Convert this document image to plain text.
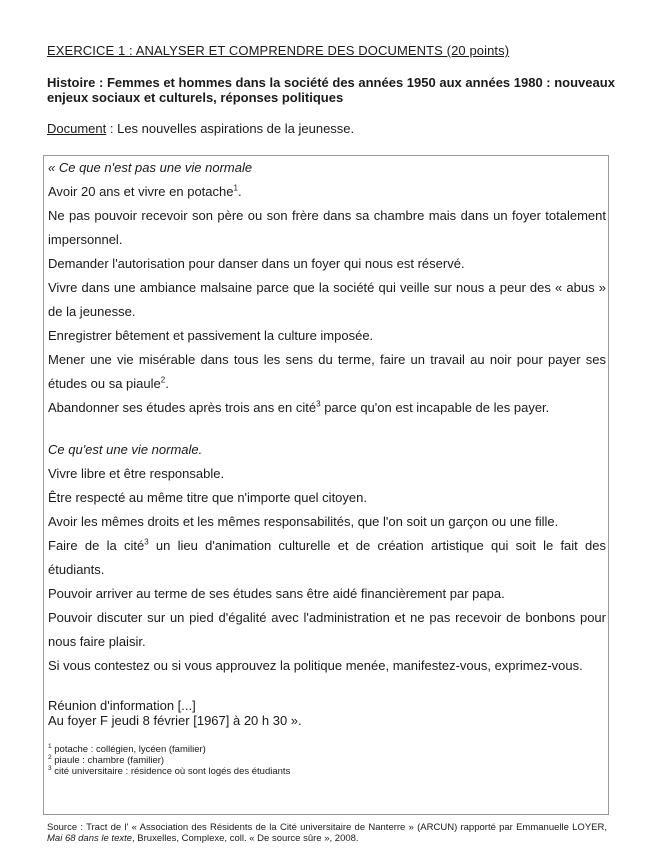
EXERCICE 1 : ANALYSER ET COMPRENDRE DES DOCUMENTS (20 points)
Histoire : Femmes et hommes dans la société des années 1950 aux années 1980 : nouveaux enjeux sociaux et culturels, réponses politiques
Document : Les nouvelles aspirations de la jeunesse.

« Ce que n'est pas une vie normale

Avoir 20 ans et vivre en potache$^1$.

Ne pas pouvoir recevoir son père ou son frère dans sa chambre mais dans un foyer totalement impersonnel.

Demander l'autorisation pour danser dans un foyer qui nous est réservé.

Vivre dans une ambiance malsaine parce que la société qui veille sur nous a peur des « abus » de la jeunesse.

Enregistrer bêtement et passivement la culture imposée.

Mener une vie misérable dans tous les sens du terme, faire un travail au noir pour payer ses études ou sa piaule$^2$.

Abandonner ses études après trois ans en cité$^3$ parce qu'on est incapable de les payer.

Ce qu'est une vie normale.

Vivre libre et être responsable.

Être respecté au même titre que n'importe quel citoyen.

Avoir les mêmes droits et les mêmes responsabilités, que l'on soit un garçon ou une fille.

Faire de la cité$^3$ un lieu d'animation culturelle et de création artistique qui soit le fait des étudiants.

Pouvoir arriver au terme de ses études sans être aidé financièrement par papa.

Pouvoir discuter sur un pied d'égalité avec l'administration et ne pas recevoir de bonbons pour nous faire plaisir.

Si vous contestez ou si vous approuvez la politique menée, manifestez-vous, exprimez-vous.

Réunion d'information [...]

Au foyer F jeudi 8 février [1967] à 20 h 30 ».

$^1$ potache : collégien, lycéen (familier)
$^2$ piaule : chambre (familier)
$^3$ cité universitaire : résidence où sont logés des étudiants
Source : Tract de l' « Association des Résidents de la Cité universitaire de Nanterre » (ARCUN) rapporté par Emmanuelle LOYER, Mai 68 dans le texte, Bruxelles, Complexe, coll. « De source sûre », 2008.
